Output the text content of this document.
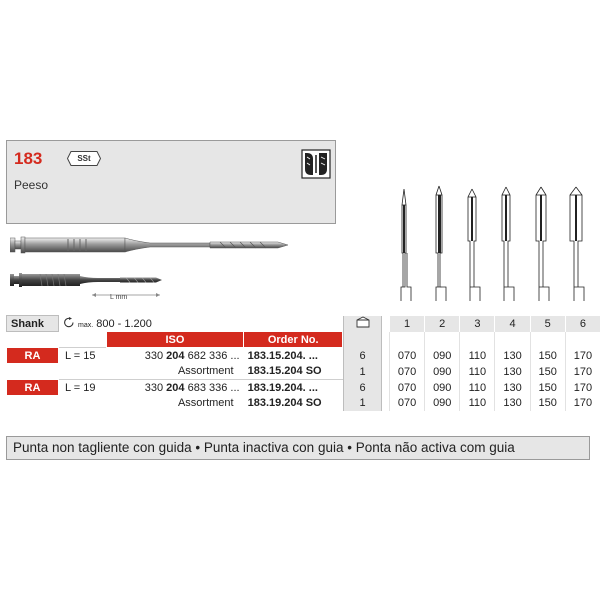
183	SSt
Peeso
L mm
Shank	max. 800 - 1.200					1	2	3	4	5	6
		ISO	Order No.									
RA	L = 15	330 204 682 336 ...	183.15.204. ...		6		070	090	110	130	150	170
		Assortment	183.15.204 SO		1		070	090	110	130	150	170
RA	L = 19	330 204 683 336 ...	183.19.204. ...		6		070	090	110	130	150	170
		Assortment	183.19.204 SO		1		070	090	110	130	150	170
Punta non tagliente con guida • Punta inactiva con guia • Ponta não activa com guia
